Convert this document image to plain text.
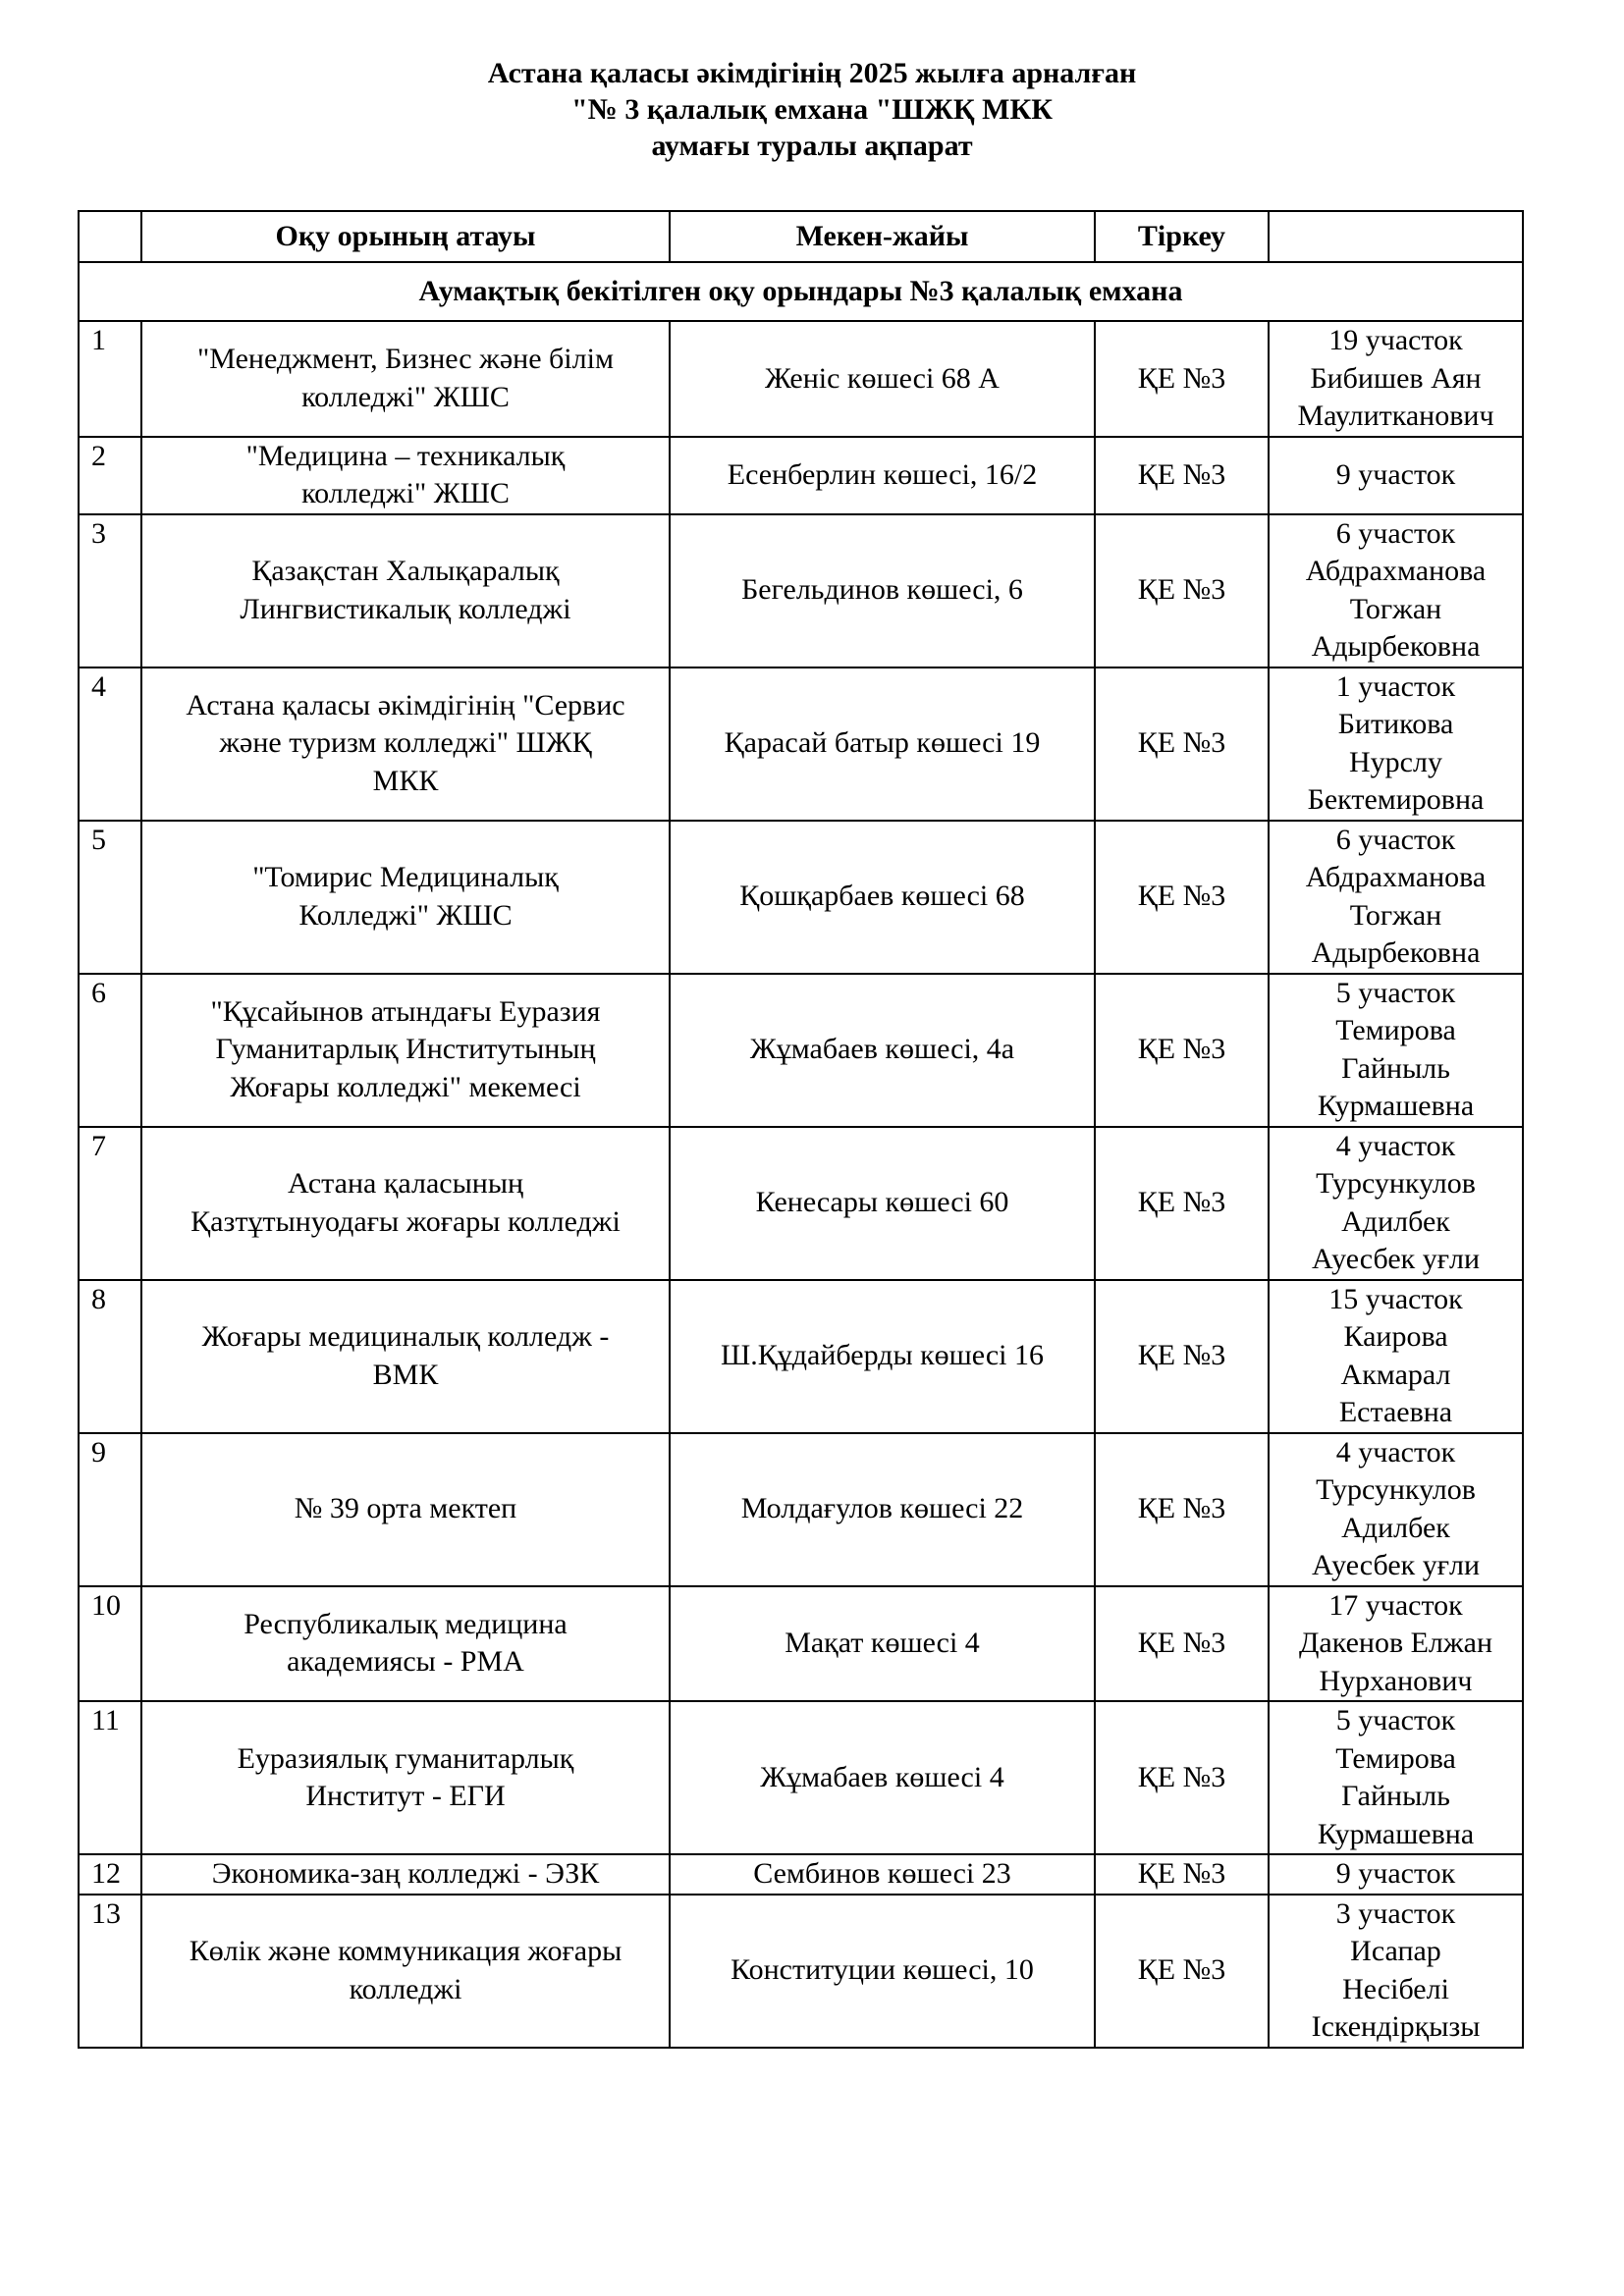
Астана қаласы әкімдігінің 2025 жылға арналған
"№ 3 қалалық емхана "ШЖҚ МКК
аумағы туралы ақпарат
	Оқу орының атауы	Мекен-жайы	Тіркеу	
Аумақтық бекітілген оқу орындары №3 қалалық емхана				
1	"Менеджмент, Бизнес және білім
колледжі" ЖШС	Женіс көшесі 68 А	ҚЕ №3	19 участок
Бибишев Аян
Маулитканович

2	"Медицина – техникалық
колледжі" ЖШС	Есенберлин көшесі, 16/2	ҚЕ №3	9 участок

3	Қазақстан Халықаралық
Лингвистикалық колледжі	Бегельдинов көшесі, 6	ҚЕ №3	6 участок
Абдрахманова
Тогжан
Адырбековна

4	Астана қаласы әкімдігінің "Сервис
және туризм колледжі" ШЖҚ
МКК	Қарасай батыр көшесі 19	ҚЕ №3	1 участок
Битикова
Нурслу
Бектемировна

5	"Томирис Медициналық
Колледжі" ЖШС	Қошқарбаев көшесі 68	ҚЕ №3	6 участок
Абдрахманова
Тогжан
Адырбековна

6	"Құсайынов атындағы Еуразия
Гуманитарлық Институтының
Жоғары колледжі" мекемесі	Жұмабаев көшесі, 4а	ҚЕ №3	5 участок
Темирова
Гайныль
Курмашевна

7	Астана қаласының
Қазтұтынуодағы жоғары колледжі	Кенесары көшесі 60	ҚЕ №3	4 участок
Турсункулов
Адилбек
Ауесбек уғли

8	Жоғары медициналық колледж -
ВМК	Ш.Құдайберды көшесі 16	ҚЕ №3	15 участок
Каирова
Акмарал
Естаевна

9	№ 39 орта мектеп	Молдағулов көшесі 22	ҚЕ №3	4 участок
Турсункулов
Адилбек
Ауесбек уғли

10	Республикалық медицина
академиясы - РМА	Мақат көшесі 4	ҚЕ №3	17 участок
Дакенов Елжан
Нурханович

11	Еуразиялық гуманитарлық
Институт - ЕГИ	Жұмабаев көшесі 4	ҚЕ №3	5 участок
Темирова
Гайныль
Курмашевна

12	Экономика-заң колледжі - ЭЗК	Сембинов көшесі 23	ҚЕ №3	9 участок

13	Көлік және коммуникация жоғары
колледжі	Конституции көшесі, 10	ҚЕ №3	3 участок
Исапар
Несібелі
Іскендірқызы
